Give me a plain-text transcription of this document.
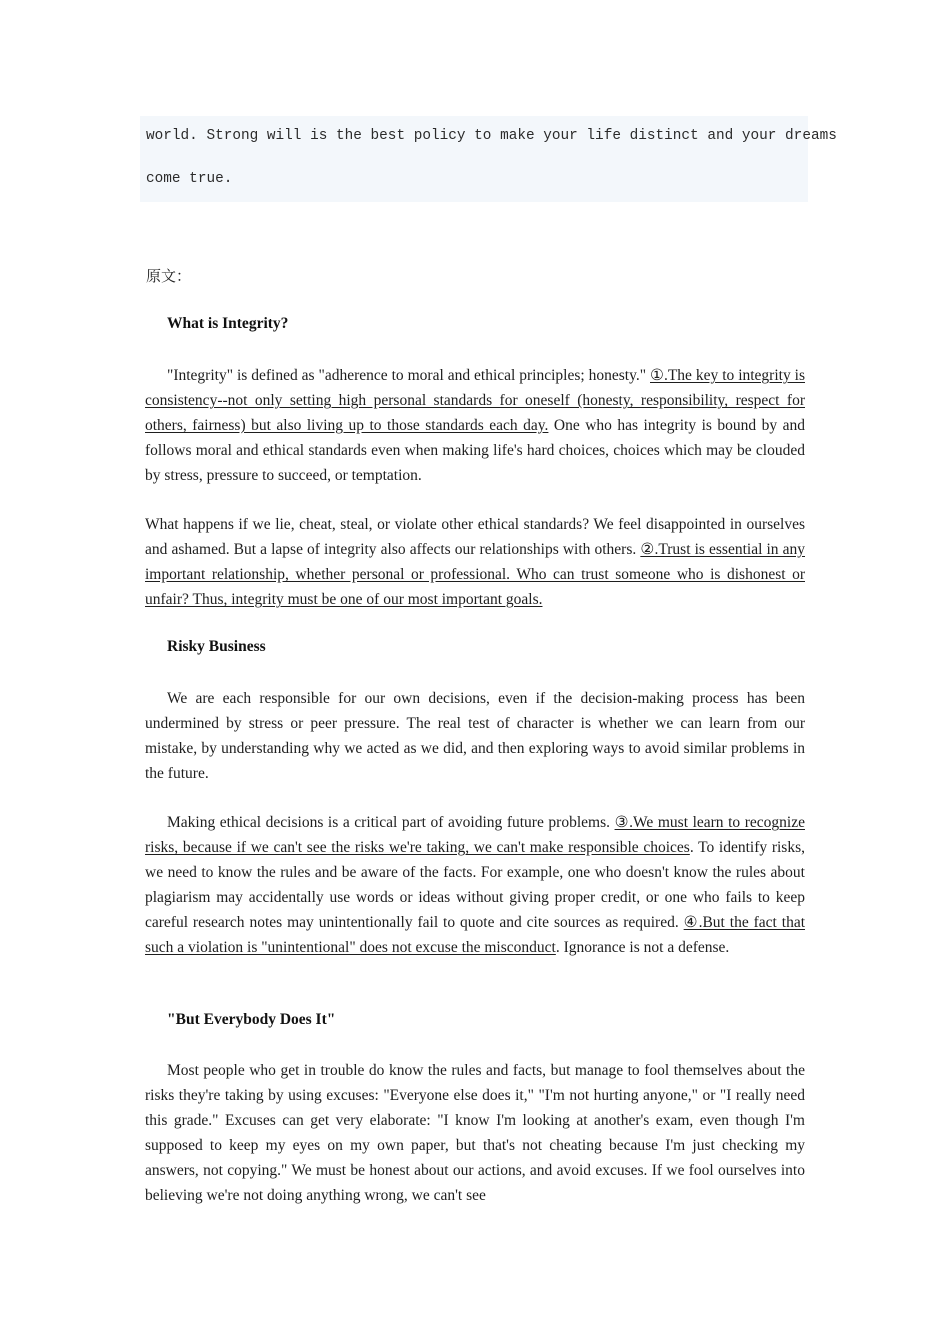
world. Strong will is the best policy to make your life distinct and your dreams
come true.
原文：
What is Integrity?
"Integrity" is defined as "adherence to moral and ethical principles; honesty." ①.The key to integrity is consistency--not only setting high personal standards for oneself (honesty, responsibility, respect for others, fairness) but also living up to those standards each day. One who has integrity is bound by and follows moral and ethical standards even when making life's hard choices, choices which may be clouded by stress, pressure to succeed, or temptation.
What happens if we lie, cheat, steal, or violate other ethical standards? We feel disappointed in ourselves and ashamed. But a lapse of integrity also affects our relationships with others. ②.Trust is essential in any important relationship, whether personal or professional. Who can trust someone who is dishonest or unfair? Thus, integrity must be one of our most important goals.
Risky Business
We are each responsible for our own decisions, even if the decision-making process has been undermined by stress or peer pressure. The real test of character is whether we can learn from our mistake, by understanding why we acted as we did, and then exploring ways to avoid similar problems in the future.
Making ethical decisions is a critical part of avoiding future problems. ③.We must learn to recognize risks, because if we can't see the risks we're taking, we can't make responsible choices. To identify risks, we need to know the rules and be aware of the facts. For example, one who doesn't know the rules about plagiarism may accidentally use words or ideas without giving proper credit, or one who fails to keep careful research notes may unintentionally fail to quote and cite sources as required. ④.But the fact that such a violation is "unintentional" does not excuse the misconduct. Ignorance is not a defense.
"But Everybody Does It"
Most people who get in trouble do know the rules and facts, but manage to fool themselves about the risks they're taking by using excuses: "Everyone else does it," "I'm not hurting anyone," or "I really need this grade." Excuses can get very elaborate: "I know I'm looking at another's exam, even though I'm supposed to keep my eyes on my own paper, but that's not cheating because I'm just checking my answers, not copying." We must be honest about our actions, and avoid excuses. If we fool ourselves into believing we're not doing anything wrong, we can't see
